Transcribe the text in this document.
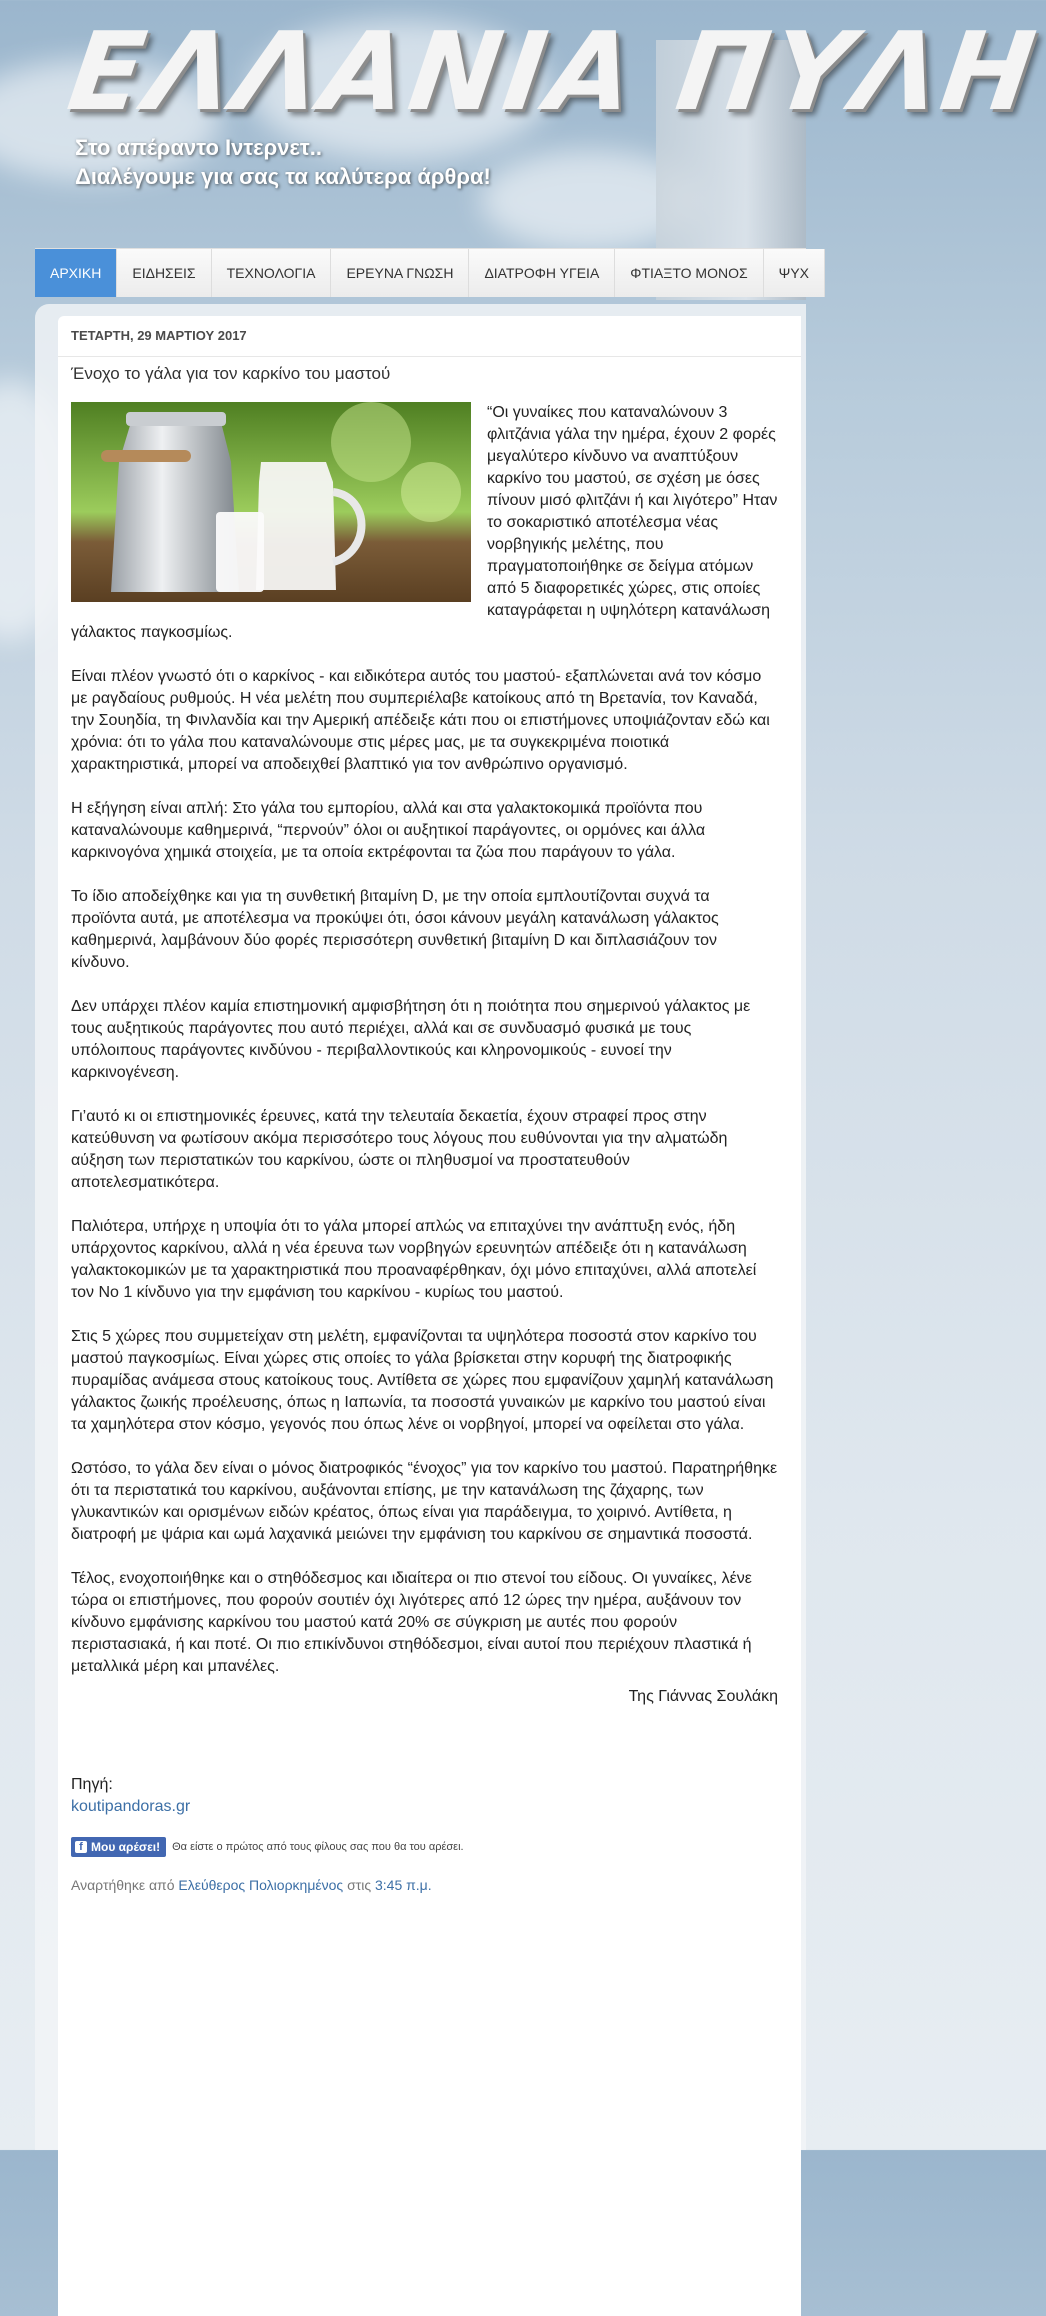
ΕΛΛΑΝΙΑ ΠΥΛΗ
Στο απέραντο Ιντερνετ..
Διαλέγουμε για σας τα καλύτερα άρθρα!
ΑΡΧΙΚΗ	ΕΙΔΗΣΕΙΣ	ΤΕΧΝΟΛΟΓΙΑ	ΕΡΕΥΝΑ ΓΝΩΣΗ	ΔΙΑΤΡΟΦΗ ΥΓΕΙΑ	ΦΤΙΑΞΤΟ ΜΟΝΟΣ	ΨΥΧ
ΤΕΤΑΡΤΗ, 29 ΜΑΡΤΙΟΥ 2017
Ένοχο το γάλα για τον καρκίνο του μαστού

“Οι γυναίκες που καταναλώνουν 3 φλιτζάνια γάλα την ημέρα, έχουν 2 φορές μεγαλύτερο κίνδυνο να αναπτύξουν καρκίνο του μαστού, σε σχέση με όσες πίνουν μισό φλιτζάνι ή και λιγότερο” Ηταν το σοκαριστικό αποτέλεσμα νέας νορβηγικής μελέτης, που πραγματοποιήθηκε σε δείγμα ατόμων από 5 διαφορετικές χώρες, στις οποίες καταγράφεται η υψηλότερη κατανάλωση γάλακτος παγκοσμίως.

Είναι πλέον γνωστό ότι ο καρκίνος - και ειδικότερα αυτός του μαστού- εξαπλώνεται ανά τον κόσμο με ραγδαίους ρυθμούς. Η νέα μελέτη που συμπεριέλαβε κατοίκους από τη Βρετανία, τον Καναδά, την Σουηδία, τη Φινλανδία και την Αμερική απέδειξε κάτι που οι επιστήμονες υποψιάζονταν εδώ και χρόνια: ότι το γάλα που καταναλώνουμε στις μέρες μας, με τα συγκεκριμένα ποιοτικά χαρακτηριστικά, μπορεί να αποδειχθεί βλαπτικό για τον ανθρώπινο οργανισμό.

Η εξήγηση είναι απλή: Στο γάλα του εμπορίου, αλλά και στα γαλακτοκομικά προϊόντα που καταναλώνουμε καθημερινά, “περνούν” όλοι οι αυξητικοί παράγοντες, οι ορμόνες και άλλα καρκινογόνα χημικά στοιχεία, με τα οποία εκτρέφονται τα ζώα που παράγουν το γάλα.

Το ίδιο αποδείχθηκε και για τη συνθετική βιταμίνη D, με την οποία εμπλουτίζονται συχνά τα προϊόντα αυτά, με αποτέλεσμα να προκύψει ότι, όσοι κάνουν μεγάλη κατανάλωση γάλακτος καθημερινά, λαμβάνουν δύο φορές περισσότερη συνθετική βιταμίνη D και διπλασιάζουν τον κίνδυνο.

Δεν υπάρχει πλέον καμία επιστημονική αμφισβήτηση ότι η ποιότητα που σημερινού γάλακτος με τους αυξητικούς παράγοντες που αυτό περιέχει, αλλά και σε συνδυασμό φυσικά με τους υπόλοιπους παράγοντες κινδύνου - περιβαλλοντικούς και κληρονομικούς - ευνοεί την καρκινογένεση.

Γι’αυτό κι οι επιστημονικές έρευνες, κατά την τελευταία δεκαετία, έχουν στραφεί προς στην κατεύθυνση να φωτίσουν ακόμα περισσότερο τους λόγους που ευθύνονται για την αλματώδη αύξηση των περιστατικών του καρκίνου, ώστε οι πληθυσμοί να προστατευθούν αποτελεσματικότερα.

Παλιότερα, υπήρχε η υποψία ότι το γάλα μπορεί απλώς να επιταχύνει την ανάπτυξη ενός, ήδη υπάρχοντος καρκίνου, αλλά η νέα έρευνα των νορβηγών ερευνητών απέδειξε ότι η κατανάλωση γαλακτοκομικών με τα χαρακτηριστικά που προαναφέρθηκαν, όχι μόνο επιταχύνει, αλλά αποτελεί τον Νο 1 κίνδυνο για την εμφάνιση του καρκίνου - κυρίως του μαστού.

Στις 5 χώρες που συμμετείχαν στη μελέτη, εμφανίζονται τα υψηλότερα ποσοστά στον καρκίνο του μαστού παγκοσμίως. Είναι χώρες στις οποίες το γάλα βρίσκεται στην κορυφή της διατροφικής πυραμίδας ανάμεσα στους κατοίκους τους. Αντίθετα σε χώρες που εμφανίζουν χαμηλή κατανάλωση γάλακτος ζωικής προέλευσης, όπως η Ιαπωνία, τα ποσοστά γυναικών με καρκίνο του μαστού είναι τα χαμηλότερα στον κόσμο, γεγονός που όπως λένε οι νορβηγοί, μπορεί να οφείλεται στο γάλα.

Ωστόσο, το γάλα δεν είναι ο μόνος διατροφικός “ένοχος” για τον καρκίνο του μαστού. Παρατηρήθηκε ότι τα περιστατικά του καρκίνου, αυξάνονται επίσης, με την κατανάλωση της ζάχαρης, των γλυκαντικών και ορισμένων ειδών κρέατος, όπως είναι για παράδειγμα, το χοιρινό. Αντίθετα, η διατροφή με ψάρια και ωμά λαχανικά μειώνει την εμφάνιση του καρκίνου σε σημαντικά ποσοστά.

Τέλος, ενοχοποιήθηκε και ο στηθόδεσμος και ιδιαίτερα οι πιο στενοί του είδους. Οι γυναίκες, λένε τώρα οι επιστήμονες, που φορούν σουτιέν όχι λιγότερες από 12 ώρες την ημέρα, αυξάνουν τον κίνδυνο εμφάνισης καρκίνου του μαστού κατά 20% σε σύγκριση με αυτές που φορούν περιστασιακά, ή και ποτέ. Οι πιο επικίνδυνοι στηθόδεσμοι, είναι αυτοί που περιέχουν πλαστικά ή μεταλλικά μέρη και μπανέλες.

Της Γιάννας Σουλάκη
Πηγή:
koutipandoras.gr
f Μου αρέσει! Θα είστε ο πρώτος από τους φίλους σας που θα του αρέσει.
Αναρτήθηκε από Ελεύθερος Πολιορκημένος στις 3:45 π.μ.
